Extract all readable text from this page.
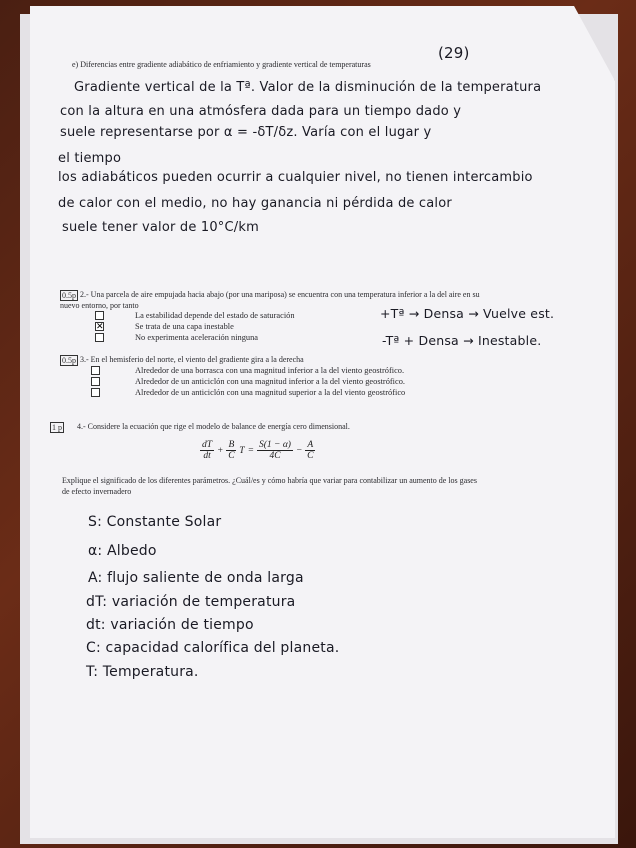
e) Diferencias entre gradiente adiabático de enfriamiento y gradiente vertical de temperaturas
(29)
Gradiente vertical de la Tª. Valor de la disminución de la temperatura
con la altura en una atmósfera dada para un tiempo dado y
suele representarse por α = -δT/δz. Varía con el lugar y
el tiempo
los adiabáticos pueden ocurrir a cualquier nivel, no tienen intercambio
de calor con el medio, no hay ganancia ni pérdida de calor
suele tener valor de 10°C/km
0.5p 2.- Una parcela de aire empujada hacia abajo (por una mariposa) se encuentra con una temperatura inferior a la del aire en su
nuevo entorno, por tanto
La estabilidad depende del estado de saturación
✕	Se trata de una capa inestable
No experimenta aceleración ninguna
+Tª → Densa → Vuelve est.
-Tª + Densa → Inestable.
0.5p 3.- En el hemisferio del norte, el viento del gradiente gira a la derecha
Alrededor de una borrasca con una magnitud inferior a la del viento geostrófico.
Alrededor de un anticiclón con una magnitud inferior a la del viento geostrófico.
Alrededor de un anticiclón con una magnitud superior a la del viento geostrófico
1 p 4.- Considere la ecuación que rige el modelo de balance de energía cero dimensional.
$\frac{dT}{dt} + \frac{B}{C}$ $T = \frac{S(1 - \alpha)}{4C} - \frac{A}{C}$
Explique el significado de los diferentes parámetros. ¿Cuál/es y cómo habría que variar para contabilizar un aumento de los gases
de efecto invernadero
S: Constante Solar
α: Albedo
A: flujo saliente de onda larga
dT: variación de temperatura
dt: variación de tiempo
C: capacidad calorífica del planeta.
T: Temperatura.
